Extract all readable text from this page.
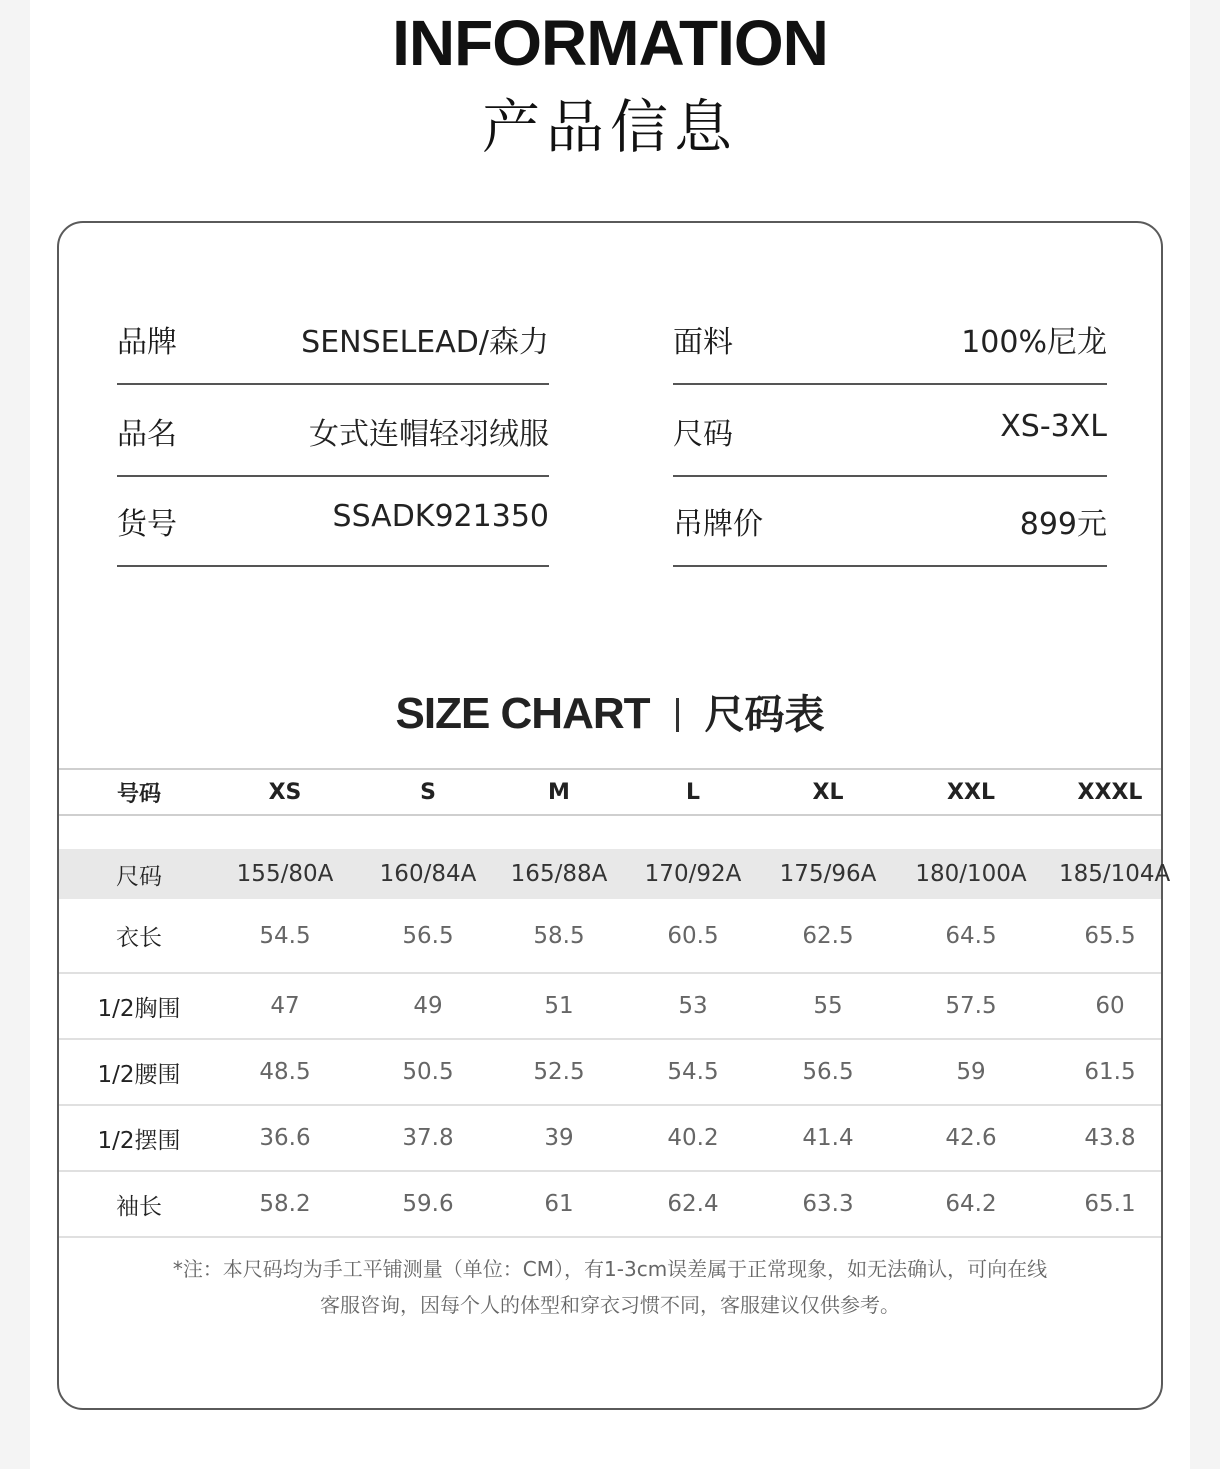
INFORMATION
产品信息
品牌	SENSELEAD/森力
品名	女式连帽轻羽绒服
货号	SSADK921350
面料	100%尼龙
尺码	XS-3XL
吊牌价	899元
SIZE CHART 尺码表
号码	XS	S	M	L	XL	XXL	XXXL
尺码	155/80A	160/84A	165/88A	170/92A	175/96A	180/100A	185/104A
衣长	54.5	56.5	58.5	60.5	62.5	64.5	65.5
1/2胸围	47	49	51	53	55	57.5	60
1/2腰围	48.5	50.5	52.5	54.5	56.5	59	61.5
1/2摆围	36.6	37.8	39	40.2	41.4	42.6	43.8
袖长	58.2	59.6	61	62.4	63.3	64.2	65.1
*注：本尺码均为手工平铺测量（单位：CM），有1-3cm误差属于正常现象，如无法确认，可向在线
客服咨询，因每个人的体型和穿衣习惯不同，客服建议仅供参考。
